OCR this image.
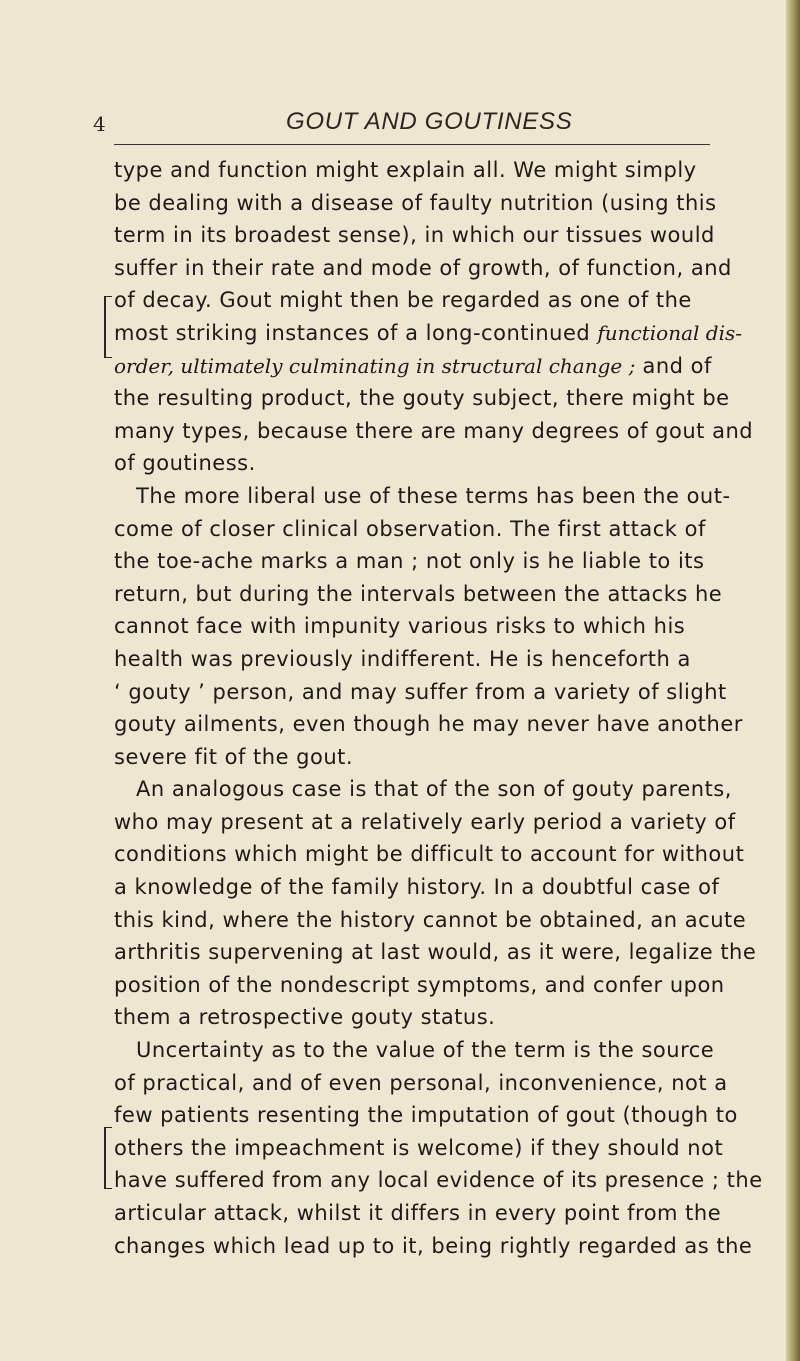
4	GOUT AND GOUTINESS
type and function might explain all. We might simply
be dealing with a disease of faulty nutrition (using this
term in its broadest sense), in which our tissues would
suffer in their rate and mode of growth, of function, and
of decay. Gout might then be regarded as one of the
most striking instances of a long-continued functional dis-
order, ultimately culminating in structural change ; and of
the resulting product, the gouty subject, there might be
many types, because there are many degrees of gout and
of goutiness.
The more liberal use of these terms has been the out-
come of closer clinical observation. The first attack of
the toe-ache marks a man ; not only is he liable to its
return, but during the intervals between the attacks he
cannot face with impunity various risks to which his
health was previously indifferent. He is henceforth a
‘ gouty ’ person, and may suffer from a variety of slight
gouty ailments, even though he may never have another
severe fit of the gout.
An analogous case is that of the son of gouty parents,
who may present at a relatively early period a variety of
conditions which might be difficult to account for without
a knowledge of the family history. In a doubtful case of
this kind, where the history cannot be obtained, an acute
arthritis supervening at last would, as it were, legalize the
position of the nondescript symptoms, and confer upon
them a retrospective gouty status.
Uncertainty as to the value of the term is the source
of practical, and of even personal, inconvenience, not a
few patients resenting the imputation of gout (though to
others the impeachment is welcome) if they should not
have suffered from any local evidence of its presence ; the
articular attack, whilst it differs in every point from the
changes which lead up to it, being rightly regarded as the
